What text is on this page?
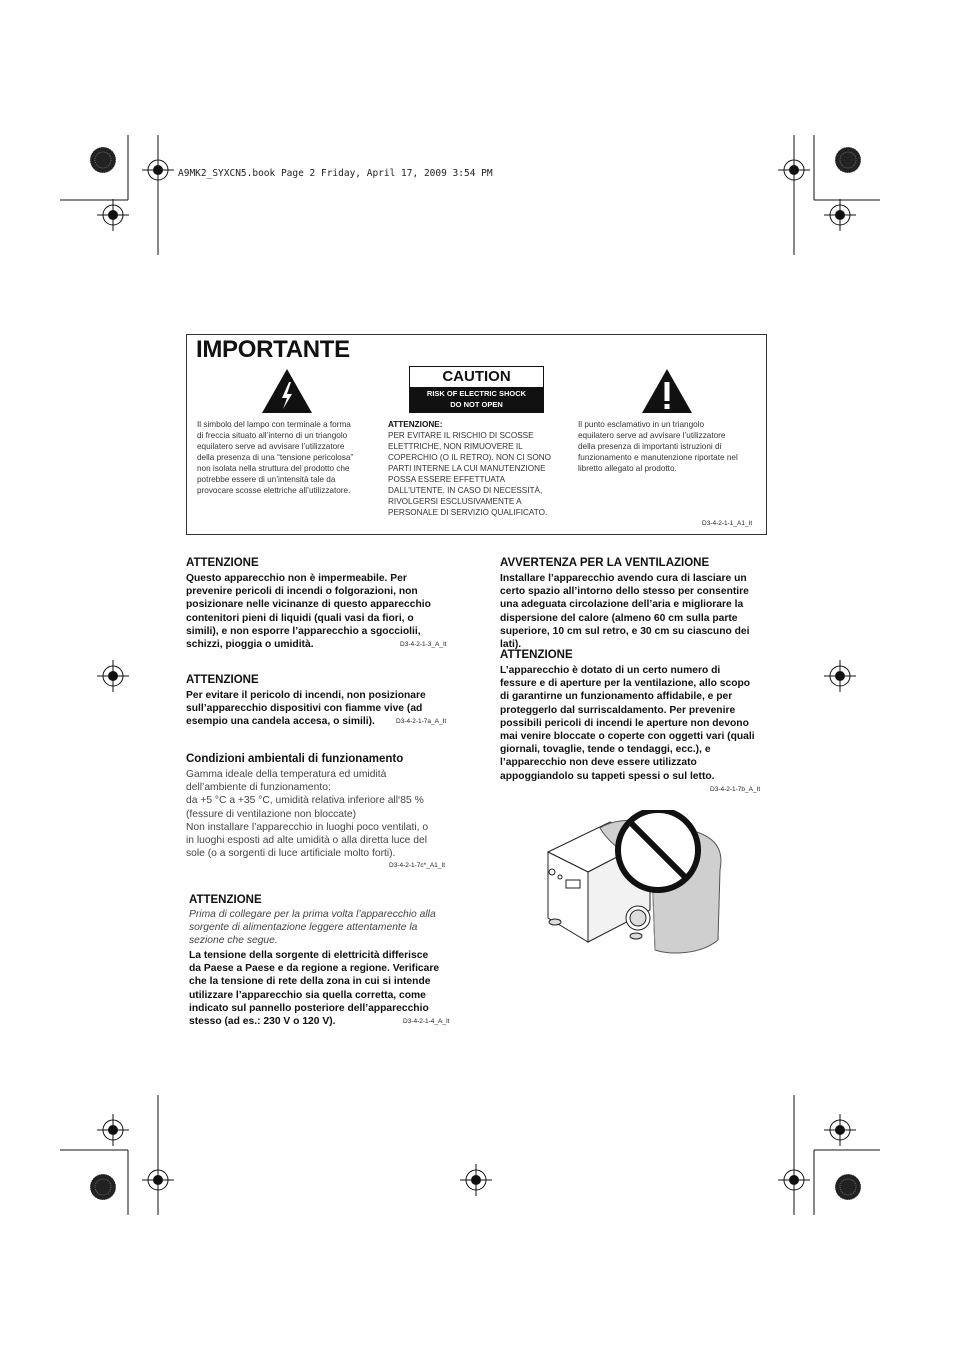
A9MK2_SYXCN5.book Page 2 Friday, April 17, 2009 3:54 PM
IMPORTANTE
CAUTION
RISK OF ELECTRIC SHOCK
DO NOT OPEN
Il simbolo del lampo con terminale a forma
di freccia situato all’interno di un triangolo
equilatero serve ad avvisare l’utilizzatore
della presenza di una “tensione pericolosa”
non isolata nella struttura del prodotto che
potrebbe essere di un’intensità tale da
provocare scosse elettriche all’utilizzatore.
ATTENZIONE:
PER EVITARE IL RISCHIO DI SCOSSE
ELETTRICHE, NON RIMUOVERE IL
COPERCHIO (O IL RETRO). NON CI SONO
PARTI INTERNE LA CUI MANUTENZIONE
POSSA ESSERE EFFETTUATA
DALL’UTENTE. IN CASO DI NECESSITÀ,
RIVOLGERSI ESCLUSIVAMENTE A
PERSONALE DI SERVIZIO QUALIFICATO.
Il punto esclamativo in un triangolo
equilatero serve ad avvisare l’utilizzatore
della presenza di importanti istruzioni di
funzionamento e manutenzione riportate nel
libretto allegato al prodotto.
D3-4-2-1-1_A1_It
ATTENZIONE
Questo apparecchio non è impermeabile. Per
prevenire pericoli di incendi o folgorazioni, non
posizionare nelle vicinanze di questo apparecchio
contenitori pieni di liquidi (quali vasi da fiori, o
simili), e non esporre l’apparecchio a sgocciolii,
schizzi, pioggia o umidità.	D3-4-2-1-3_A_It
ATTENZIONE
Per evitare il pericolo di incendi, non posizionare
sull’apparecchio dispositivi con fiamme vive (ad
esempio una candela accesa, o simili).	D3-4-2-1-7a_A_It
Condizioni ambientali di funzionamento
Gamma ideale della temperatura ed umidità
dell’ambiente di funzionamento:
da +5 °C a +35 °C, umidità relativa inferiore all‘85 %
(fessure di ventilazione non bloccate)
Non installare l’apparecchio in luoghi poco ventilati, o
in luoghi esposti ad alte umidità o alla diretta luce del
sole (o a sorgenti di luce artificiale molto forti).
D3-4-2-1-7c*_A1_It
ATTENZIONE
Prima di collegare per la prima volta l’apparecchio alla
sorgente di alimentazione leggere attentamente la
sezione che segue.
La tensione della sorgente di elettricità differisce
da Paese a Paese e da regione a regione. Verificare
che la tensione di rete della zona in cui si intende
utilizzare l’apparecchio sia quella corretta, come
indicato sul pannello posteriore dell’apparecchio
stesso (ad es.: 230 V o 120 V).	D3-4-2-1-4_A_It
AVVERTENZA PER LA VENTILAZIONE
Installare l’apparecchio avendo cura di lasciare un
certo spazio all’intorno dello stesso per consentire
una adeguata circolazione dell’aria e migliorare la
dispersione del calore (almeno 60 cm sulla parte
superiore, 10 cm sul retro, e 30 cm su ciascuno dei
lati).
ATTENZIONE
L’apparecchio è dotato di un certo numero di
fessure e di aperture per la ventilazione, allo scopo
di garantirne un funzionamento affidabile, e per
proteggerlo dal surriscaldamento. Per prevenire
possibili pericoli di incendi le aperture non devono
mai venire bloccate o coperte con oggetti vari (quali
giornali, tovaglie, tende o tendaggi, ecc.), e
l’apparecchio non deve essere utilizzato
appoggiandolo su tappeti spessi o sul letto.
D3-4-2-1-7b_A_It
